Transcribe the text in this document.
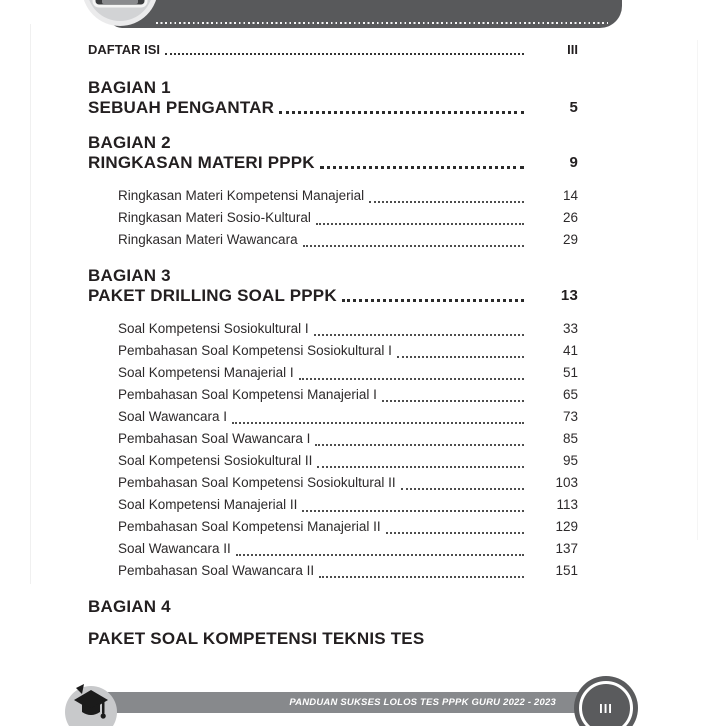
DAFTAR ISI	III
BAGIAN 1
SEBUAH PENGANTAR	5
BAGIAN 2
RINGKASAN MATERI PPPK	9
Ringkasan Materi Kompetensi Manajerial	14
Ringkasan Materi Sosio-Kultural	26
Ringkasan Materi Wawancara	29
BAGIAN 3
PAKET DRILLING SOAL PPPK	13
Soal Kompetensi Sosiokultural I	33
Pembahasan Soal Kompetensi Sosiokultural I	41
Soal Kompetensi Manajerial I	51
Pembahasan Soal Kompetensi Manajerial I	65
Soal Wawancara I	73
Pembahasan Soal Wawancara I	85
Soal Kompetensi Sosiokultural II	95
Pembahasan Soal Kompetensi Sosiokultural II	103
Soal Kompetensi Manajerial II	113
Pembahasan Soal Kompetensi Manajerial II	129
Soal Wawancara II	137
Pembahasan Soal Wawancara II	151
BAGIAN 4
PAKET SOAL KOMPETENSI TEKNIS TES
PANDUAN SUKSES LOLOS TES PPPK GURU 2022 - 2023	III
